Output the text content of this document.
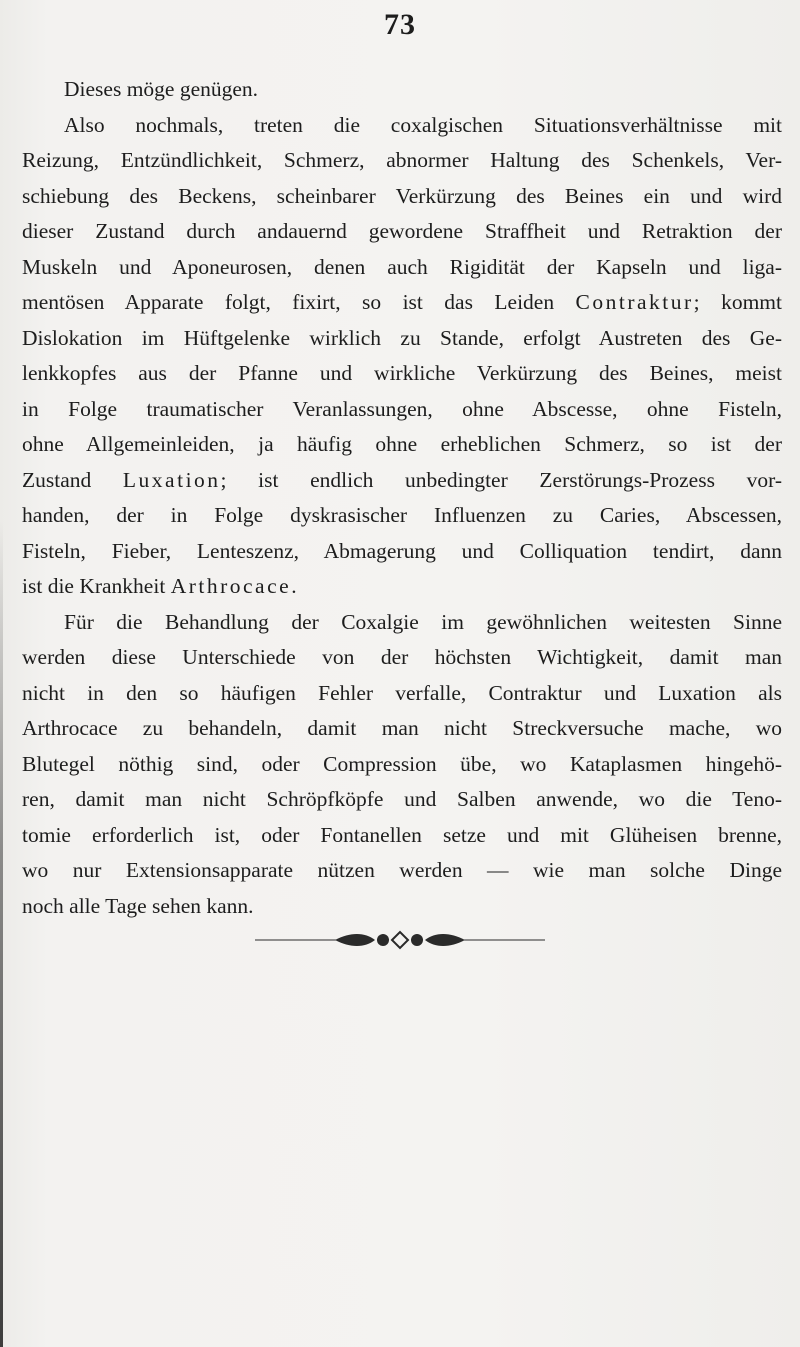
73
Dieses möge genügen.
Also nochmals, treten die coxalgischen Situationsverhältnisse mit
Reizung, Entzündlichkeit, Schmerz, abnormer Haltung des Schenkels, Ver-
schiebung des Beckens, scheinbarer Verkürzung des Beines ein und wird
dieser Zustand durch andauernd gewordene Straffheit und Retraktion der
Muskeln und Aponeurosen, denen auch Rigidität der Kapseln und liga-
mentösen Apparate folgt, fixirt, so ist das Leiden Contraktur; kommt
Dislokation im Hüftgelenke wirklich zu Stande, erfolgt Austreten des Ge-
lenkkopfes aus der Pfanne und wirkliche Verkürzung des Beines, meist
in Folge traumatischer Veranlassungen, ohne Abscesse, ohne Fisteln,
ohne Allgemeinleiden, ja häufig ohne erheblichen Schmerz, so ist der
Zustand Luxation; ist endlich unbedingter Zerstörungs-Prozess vor-
handen, der in Folge dyskrasischer Influenzen zu Caries, Abscessen,
Fisteln, Fieber, Lenteszenz, Abmagerung und Colliquation tendirt, dann
ist die Krankheit Arthrocace.
Für die Behandlung der Coxalgie im gewöhnlichen weitesten Sinne
werden diese Unterschiede von der höchsten Wichtigkeit, damit man
nicht in den so häufigen Fehler verfalle, Contraktur und Luxation als
Arthrocace zu behandeln, damit man nicht Streckversuche mache, wo
Blutegel nöthig sind, oder Compression übe, wo Kataplasmen hingehö-
ren, damit man nicht Schröpfköpfe und Salben anwende, wo die Teno-
tomie erforderlich ist, oder Fontanellen setze und mit Glüheisen brenne,
wo nur Extensionsapparate nützen werden — wie man solche Dinge
noch alle Tage sehen kann.
